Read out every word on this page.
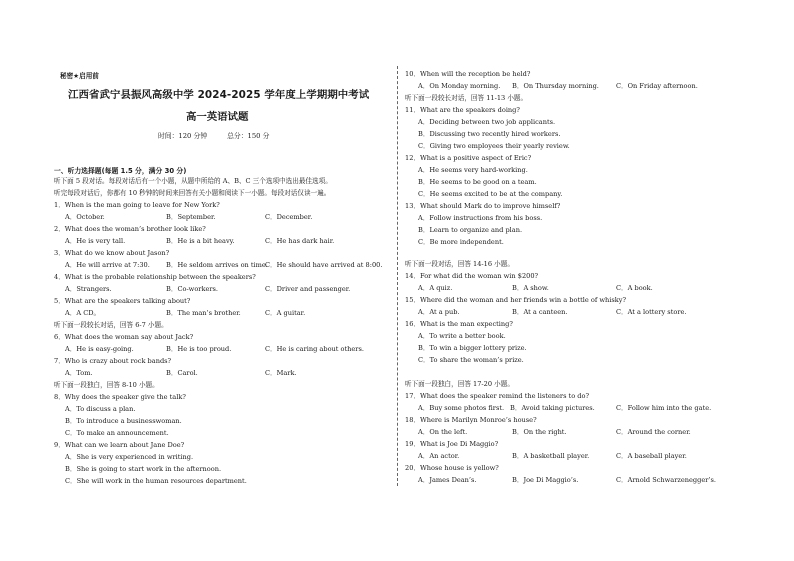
秘密★启用前
江西省武宁县振风高级中学 2024-2025 学年度上学期期中考试
高一英语试题
时间：120 分钟	总分：150 分
一、听力选择题(每题 1.5 分，满分 30 分)
听下面 5 段对话。每段对话后有一个小题，从题中所给的 A、B、C 三个选项中选出最佳选项。
听完每段对话后，你都有 10 秒钟的时间来回答有关小题和阅读下一小题。每段对话仅读一遍。
1．When is the man going to leave for New York?
A．October.	B．September.	C．December.
2．What does the woman’s brother look like?
A．He is very tall.	B．He is a bit heavy.	C．He has dark hair.
3．What do we know about Jason?
A．He will arrive at 7:30. B．He seldom arrives on time.
C．He should have arrived at 8:00.
4．What is the probable relationship between the speakers?
A．Strangers.	B．Co-workers.	C．Driver and passenger.
5．What are the speakers talking about?
A．A CD。	B．The man’s brother.	C．A guitar.
听下面一段较长对话，回答 6-7 小题。
6．What does the woman say about Jack?
A．He is easy-going.	B．He is too proud.	C．He is caring about others.
7．Who is crazy about rock bands?
A．Tom.	B．Carol.	C．Mark.
听下面一段独白，回答 8-10 小题。
8．Why does the speaker give the talk?
A．To discuss a plan.
B．To introduce a businesswoman.
C．To make an announcement.
9．What can we learn about Jane Doe?
A．She is very experienced in writing.
B．She is going to start work in the afternoon.
C．She will work in the human resources department.
10．When will the reception be held?
A．On Monday morning. B．On Thursday morning.	C．On Friday afternoon.
听下面一段较长对话，回答 11-13 小题。
11．What are the speakers doing?
A．Deciding between two job applicants.
B．Discussing two recently hired workers.
C．Giving two employees their yearly review.
12．What is a positive aspect of Eric?
A．He seems very hard-working.
B．He seems to be good on a team.
C．He seems excited to be at the company.
13．What should Mark do to improve himself?
A．Follow instructions from his boss.
B．Learn to organize and plan.
C．Be more independent.
听下面一段对话，回答 14-16 小题。
14．For what did the woman win $200?
A．A quiz.	B．A show.	C．A book.
15．Where did the woman and her friends win a bottle of whisky?
A．At a pub.	B．At a canteen.	C．At a lottery store.
16．What is the man expecting?
A．To write a better book.
B．To win a bigger lottery prize.
C．To share the woman’s prize.
听下面一段独白，回答 17-20 小题。
17．What does the speaker remind the listeners to do?
A．Buy some photos first. B．Avoid taking pictures.	C．Follow him into the gate.
18．Where is Marilyn Monroe’s house?
A．On the left.	B．On the right.	C．Around the corner.
19．What is Joe Di Maggio?
A．An actor.	B．A basketball player.	C．A baseball player.
20．Whose house is yellow?
A．James Dean’s.	B．Joe Di Maggio’s.	C．Arnold Schwarzenegger’s.
